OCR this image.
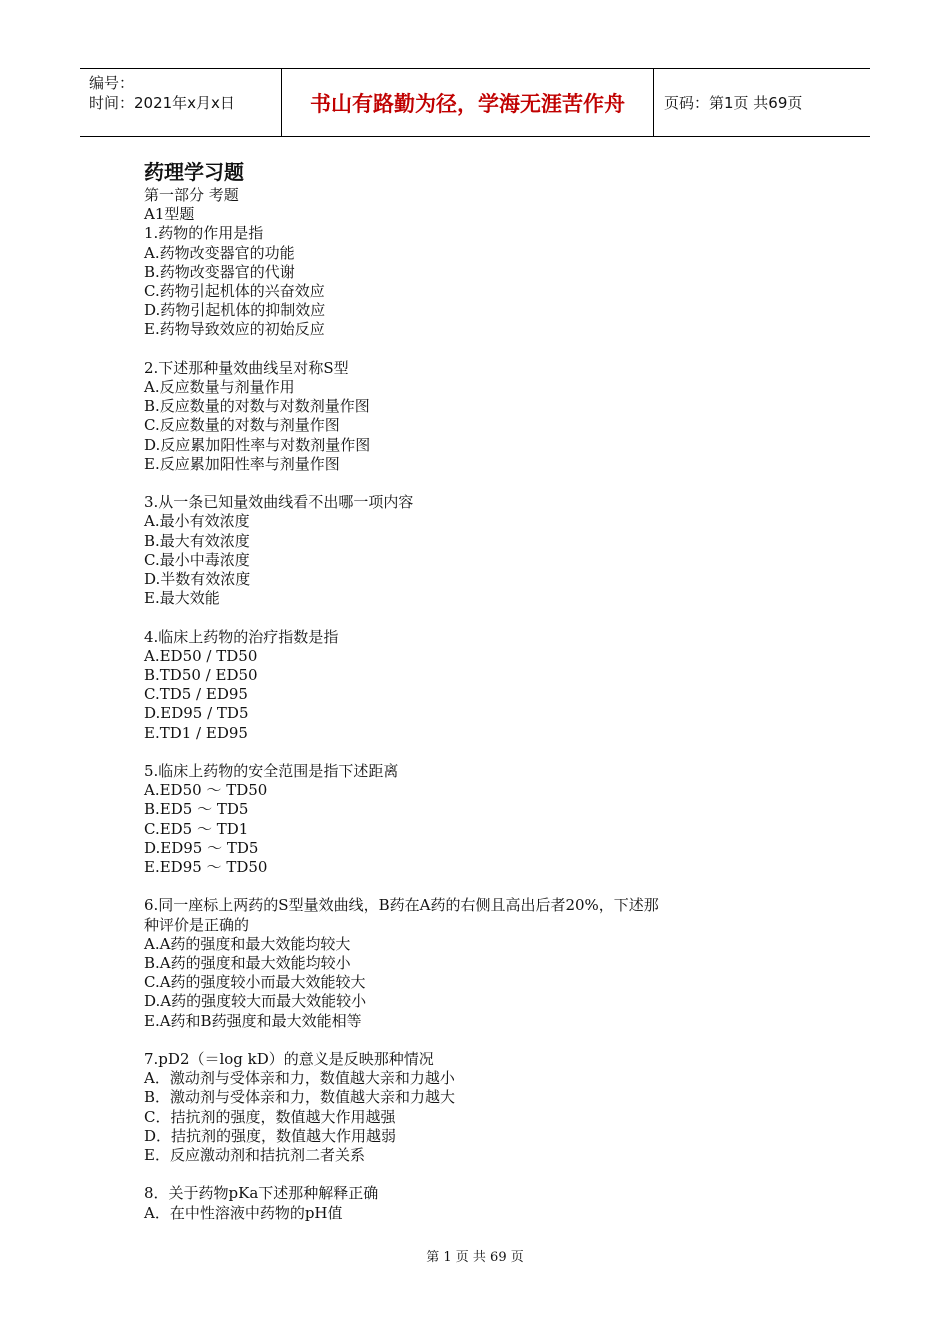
编号：
时间：2021年x月x日	书山有路勤为径，学海无涯苦作舟	页码：第1页 共69页
药理学习题
第一部分 考题
A1型题
1.药物的作用是指
A.药物改变器官的功能
B.药物改变器官的代谢
C.药物引起机体的兴奋效应
D.药物引起机体的抑制效应
E.药物导致效应的初始反应
2.下述那种量效曲线呈对称S型
A.反应数量与剂量作用
B.反应数量的对数与对数剂量作图
C.反应数量的对数与剂量作图
D.反应累加阳性率与对数剂量作图
E.反应累加阳性率与剂量作图
3.从一条已知量效曲线看不出哪一项内容
A.最小有效浓度
B.最大有效浓度
C.最小中毒浓度
D.半数有效浓度
E.最大效能
4.临床上药物的治疗指数是指
A.ED50 / TD50
B.TD50 / ED50
C.TD5 / ED95
D.ED95 / TD5
E.TD1 / ED95
5.临床上药物的安全范围是指下述距离
A.ED50 ～ TD50
B.ED5 ～ TD5
C.ED5 ～ TD1
D.ED95 ～ TD5
E.ED95 ～ TD50
6.同一座标上两药的S型量效曲线，B药在A药的右侧且高出后者20%，下述那
种评价是正确的
A.A药的强度和最大效能均较大
B.A药的强度和最大效能均较小
C.A药的强度较小而最大效能较大
D.A药的强度较大而最大效能较小
E.A药和B药强度和最大效能相等
7.pD2（＝log kD）的意义是反映那种情况
A．激动剂与受体亲和力，数值越大亲和力越小
B．激动剂与受体亲和力，数值越大亲和力越大
C．拮抗剂的强度，数值越大作用越强
D．拮抗剂的强度，数值越大作用越弱
E．反应激动剂和拮抗剂二者关系
8．关于药物pKa下述那种解释正确
A．在中性溶液中药物的pH值
第 1 页 共 69 页
